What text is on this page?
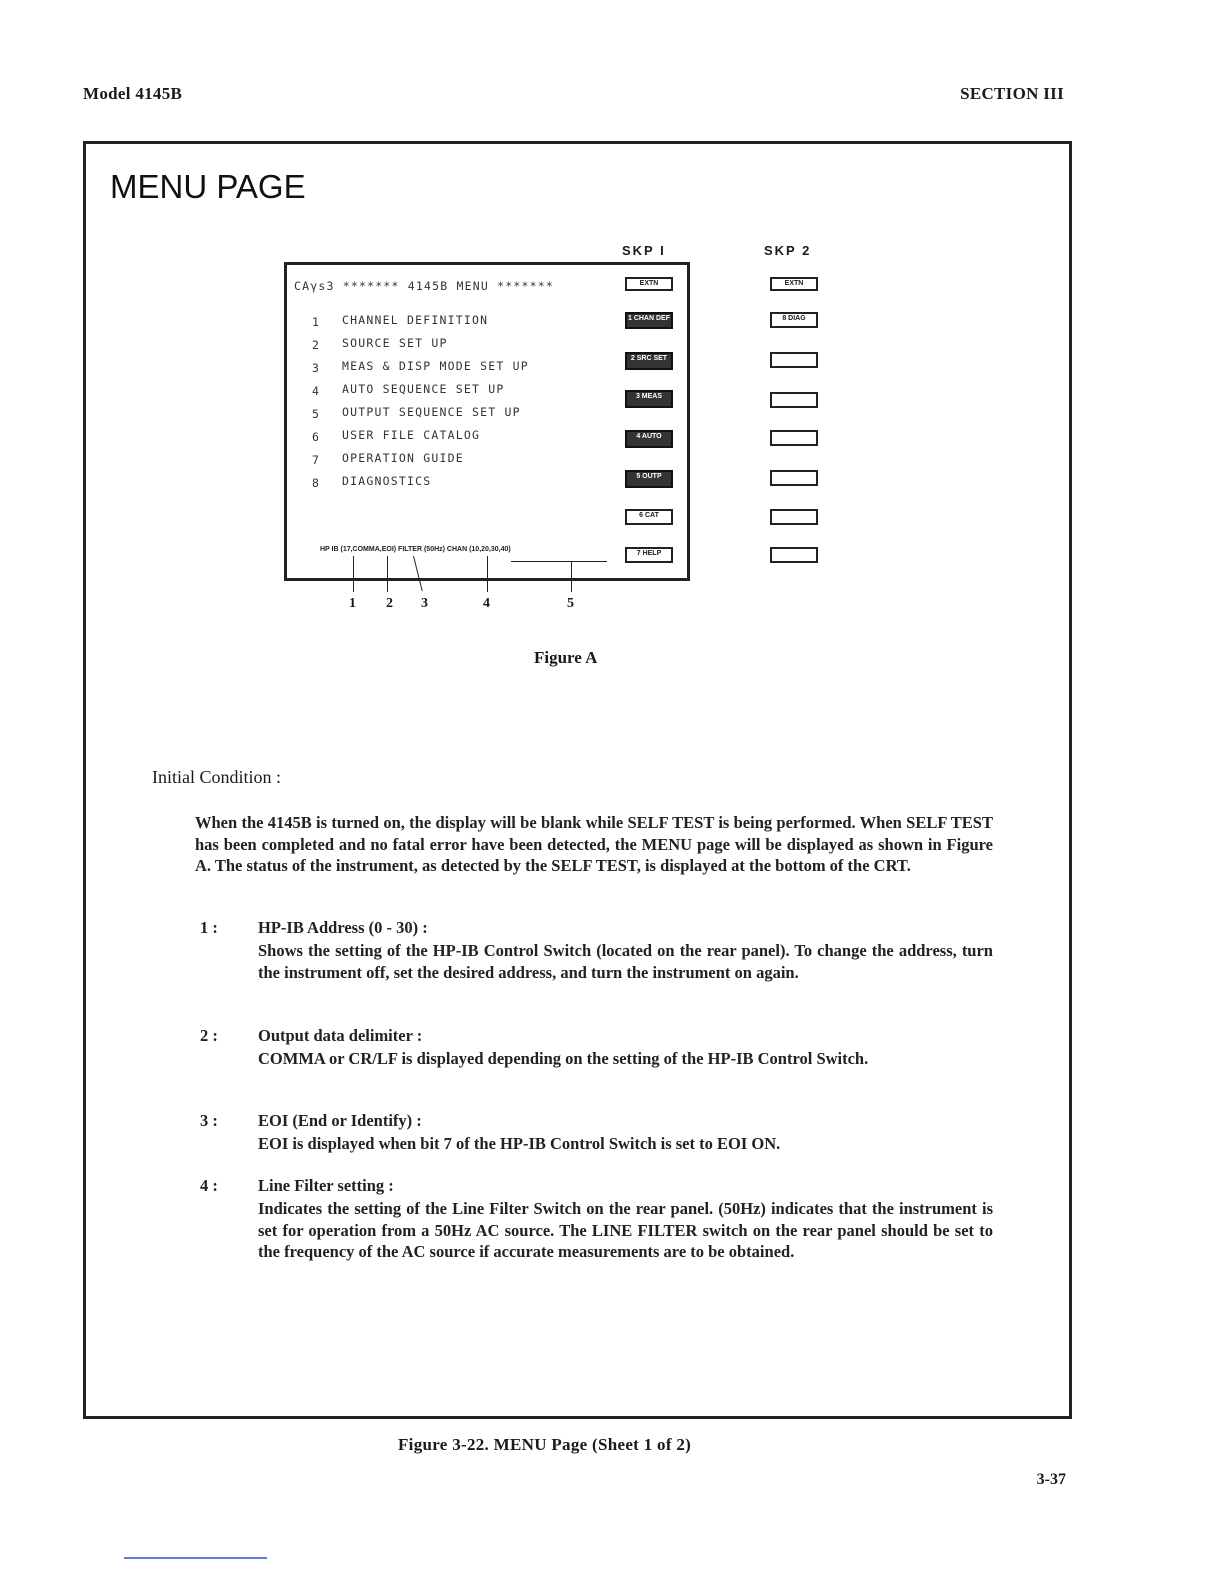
Model 4145B	SECTION III
MENU PAGE
SKP I	SKP 2
CAγs3 ******* 4145B MENU *******
1 CHANNEL DEFINITION
2 SOURCE SET UP
3 MEAS & DISP MODE SET UP
4 AUTO SEQUENCE SET UP
5 OUTPUT SEQUENCE SET UP
6 USER FILE CATALOG
7 OPERATION GUIDE
8 DIAGNOSTICS
HP IB (17,COMMA,EOI) FILTER (50Hz) CHAN (10,20,30,40)
EXTN
1 CHAN DEF
2 SRC SET
3 MEAS
4 AUTO
5 OUTP
6 CAT
7 HELP
EXTN
8 DIAG
1 2 3	4	5
Figure A
Initial Condition :
When the 4145B is turned on, the display will be blank while SELF TEST is being performed. When SELF TEST has been completed and no fatal error have been detected, the MENU page will be displayed as shown in Figure A. The status of the instrument, as detected by the SELF TEST, is displayed at the bottom of the CRT.
1 : HP-IB Address (0 - 30) :
Shows the setting of the HP-IB Control Switch (located on the rear panel). To change the address, turn the instrument off, set the desired address, and turn the instrument on again.
2 : Output data delimiter :
COMMA or CR/LF is displayed depending on the setting of the HP-IB Control Switch.
3 : EOI (End or Identify) :
EOI is displayed when bit 7 of the HP-IB Control Switch is set to EOI ON.
4 : Line Filter setting :
Indicates the setting of the Line Filter Switch on the rear panel. (50Hz) indicates that the instrument is set for operation from a 50Hz AC source. The LINE FILTER switch on the rear panel should be set to the frequency of the AC source if accurate measurements are to be obtained.
Figure 3-22. MENU Page (Sheet 1 of 2)
3-37
